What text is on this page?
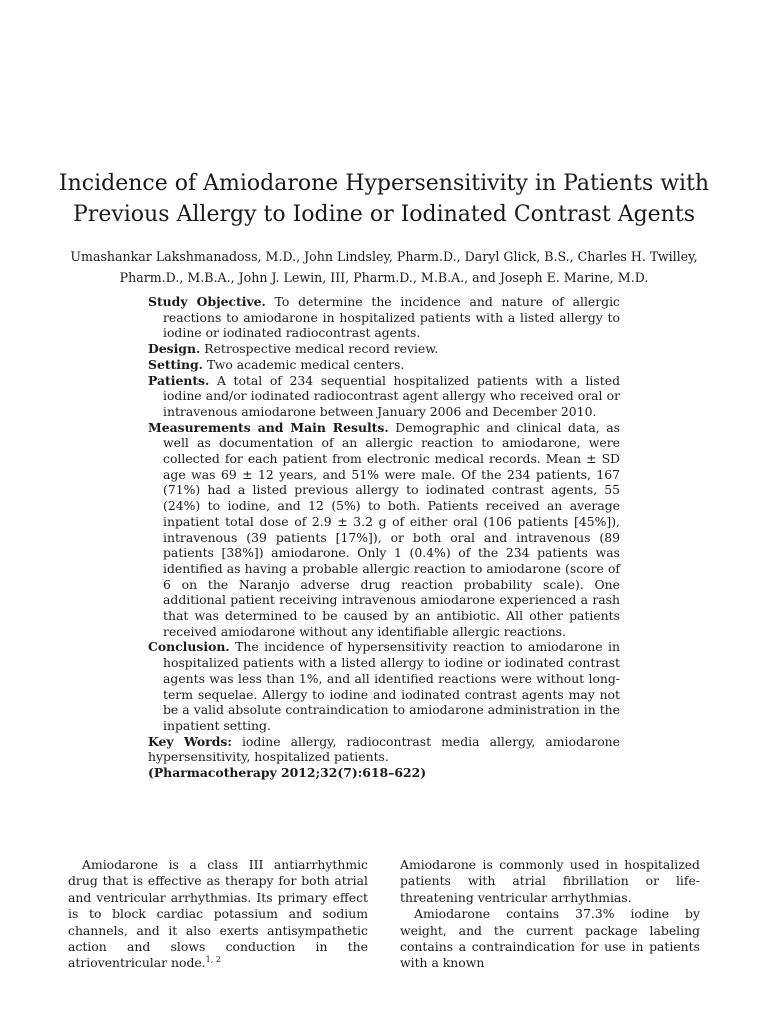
Incidence of Amiodarone Hypersensitivity in Patients with Previous Allergy to Iodine or Iodinated Contrast Agents
Umashankar Lakshmanadoss, M.D., John Lindsley, Pharm.D., Daryl Glick, B.S., Charles H. Twilley, Pharm.D., M.B.A., John J. Lewin, III, Pharm.D., M.B.A., and Joseph E. Marine, M.D.

Study Objective. To determine the incidence and nature of allergic reactions to amiodarone in hospitalized patients with a listed allergy to iodine or iodinated radiocontrast agents.

Design. Retrospective medical record review.

Setting. Two academic medical centers.

Patients. A total of 234 sequential hospitalized patients with a listed iodine and/or iodinated radiocontrast agent allergy who received oral or intravenous amiodarone between January 2006 and December 2010.

Measurements and Main Results. Demographic and clinical data, as well as documentation of an allergic reaction to amiodarone, were collected for each patient from electronic medical records. Mean ± SD age was 69 ± 12 years, and 51% were male. Of the 234 patients, 167 (71%) had a listed previous allergy to iodinated contrast agents, 55 (24%) to iodine, and 12 (5%) to both. Patients received an average inpatient total dose of 2.9 ± 3.2 g of either oral (106 patients [45%]), intravenous (39 patients [17%]), or both oral and intravenous (89 patients [38%]) amiodarone. Only 1 (0.4%) of the 234 patients was identified as having a probable allergic reaction to amiodarone (score of 6 on the Naranjo adverse drug reaction probability scale). One additional patient receiving intravenous amiodarone experienced a rash that was determined to be caused by an antibiotic. All other patients received amiodarone without any identifiable allergic reactions.

Conclusion. The incidence of hypersensitivity reaction to amiodarone in hospitalized patients with a listed allergy to iodine or iodinated contrast agents was less than 1%, and all identified reactions were without long-term sequelae. Allergy to iodine and iodinated contrast agents may not be a valid absolute contraindication to amiodarone administration in the inpatient setting.

Key Words: iodine allergy, radiocontrast media allergy, amiodarone hypersensitivity, hospitalized patients.

(Pharmacotherapy 2012;32(7):618–622)

Amiodarone is a class III antiarrhythmic drug that is effective as therapy for both atrial and ventricular arrhythmias. Its primary effect is to block cardiac potassium and sodium channels, and it also exerts antisympathetic action and slows conduction in the atrioventricular node.$^{1, 2}$

Amiodarone is commonly used in hospitalized patients with atrial fibrillation or life-threatening ventricular arrhythmias.

Amiodarone contains 37.3% iodine by weight, and the current package labeling contains a contraindication for use in patients with a known
